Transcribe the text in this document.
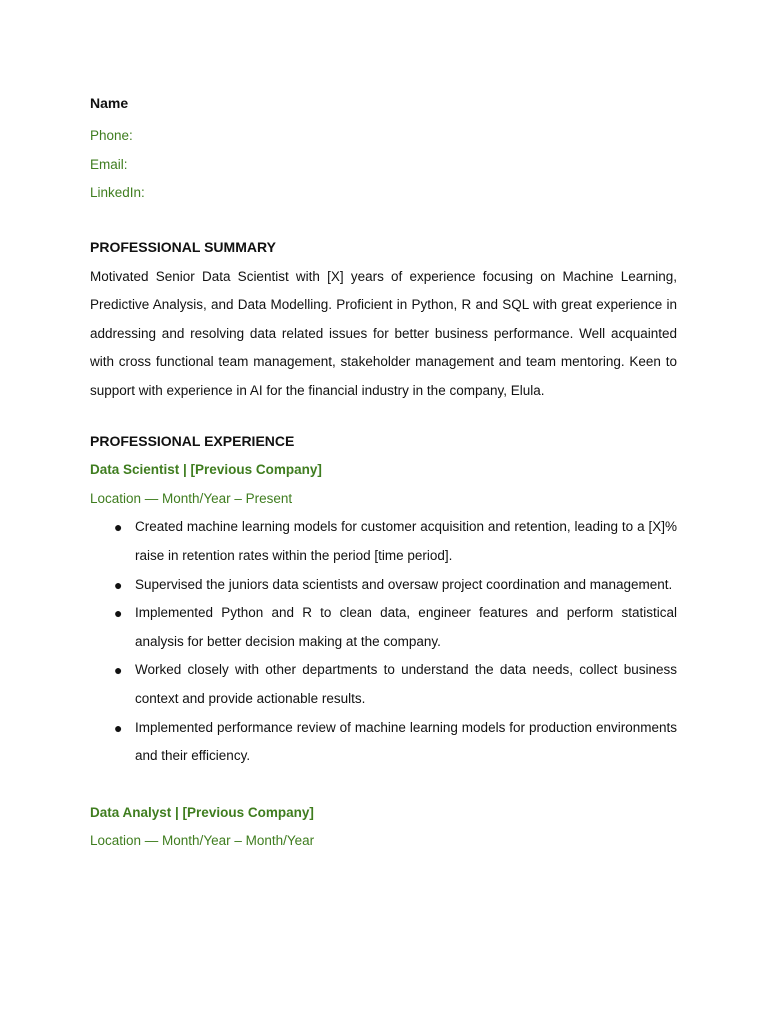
Name
Phone:
Email:
LinkedIn:
PROFESSIONAL SUMMARY
Motivated Senior Data Scientist with [X] years of experience focusing on Machine Learning, Predictive Analysis, and Data Modelling. Proficient in Python, R and SQL with great experience in addressing and resolving data related issues for better business performance. Well acquainted with cross functional team management, stakeholder management and team mentoring. Keen to support with experience in AI for the financial industry in the company, Elula.
PROFESSIONAL EXPERIENCE
Data Scientist | [Previous Company]
Location — Month/Year – Present
● Created machine learning models for customer acquisition and retention, leading to a [X]% raise in retention rates within the period [time period].
● Supervised the juniors data scientists and oversaw project coordination and management.
● Implemented Python and R to clean data, engineer features and perform statistical analysis for better decision making at the company.
● Worked closely with other departments to understand the data needs, collect business context and provide actionable results.
● Implemented performance review of machine learning models for production environments and their efficiency.
Data Analyst | [Previous Company]
Location — Month/Year – Month/Year
